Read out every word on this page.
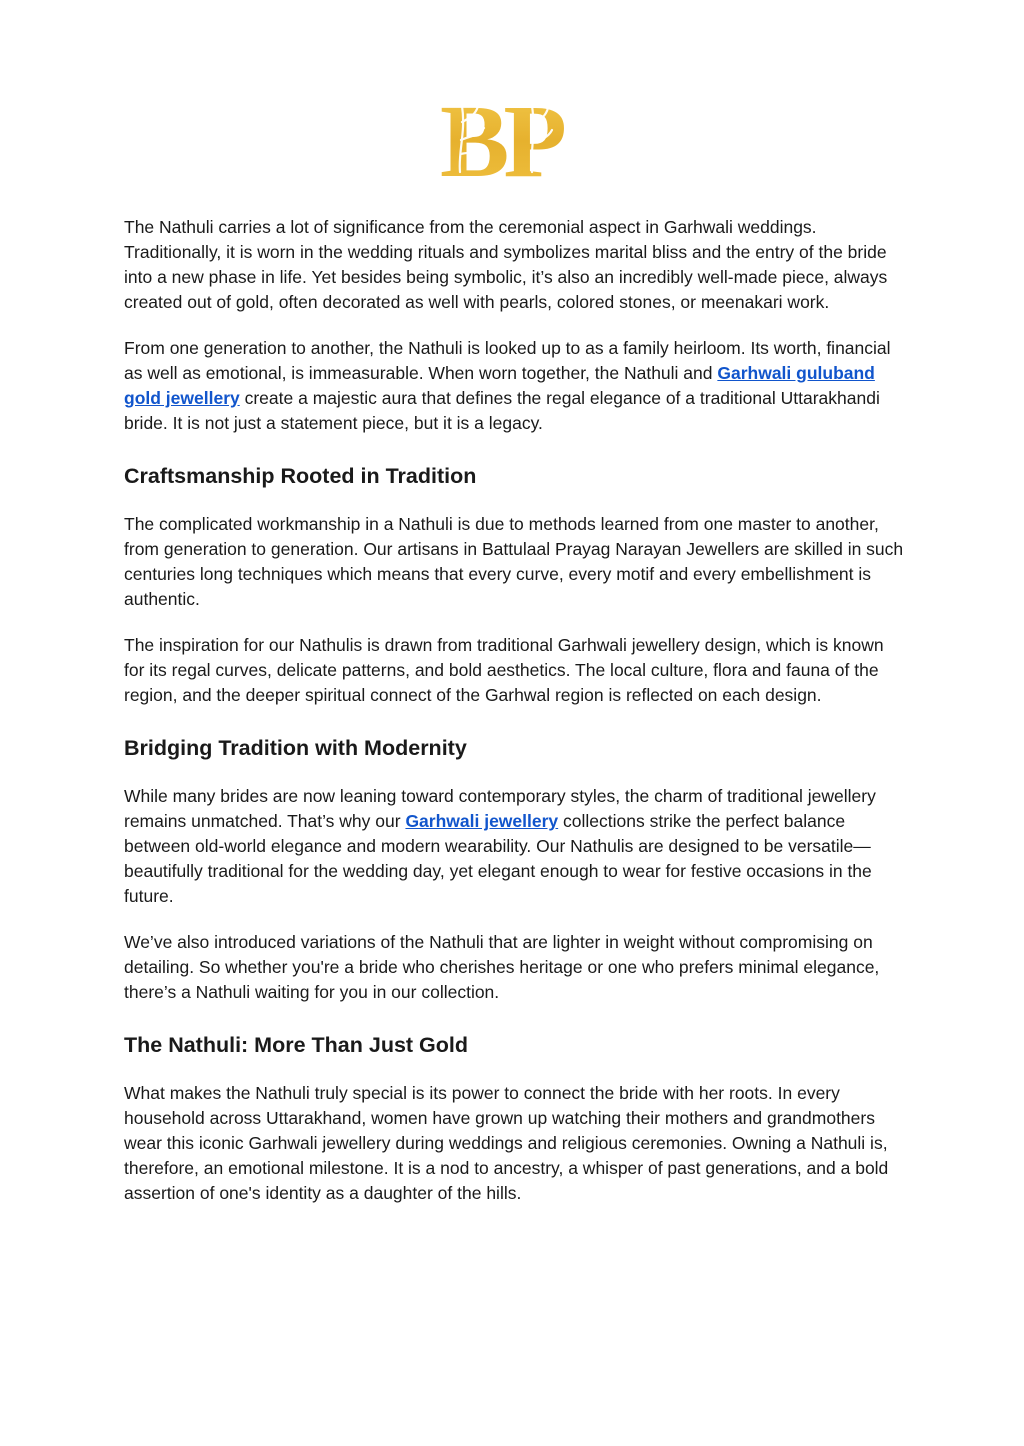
BP

The Nathuli carries a lot of significance from the ceremonial aspect in Garhwali weddings. Traditionally, it is worn in the wedding rituals and symbolizes marital bliss and the entry of the bride into a new phase in life. Yet besides being symbolic, it’s also an incredibly well-made piece, always created out of gold, often decorated as well with pearls, colored stones, or meenakari work.

From one generation to another, the Nathuli is looked up to as a family heirloom. Its worth, financial as well as emotional, is immeasurable. When worn together, the Nathuli and Garhwali guluband gold jewellery create a majestic aura that defines the regal elegance of a traditional Uttarakhandi bride. It is not just a statement piece, but it is a legacy.

Craftsmanship Rooted in Tradition

The complicated workmanship in a Nathuli is due to methods learned from one master to another, from generation to generation. Our artisans in Battulaal Prayag Narayan Jewellers are skilled in such centuries long techniques which means that every curve, every motif and every embellishment is authentic.

The inspiration for our Nathulis is drawn from traditional Garhwali jewellery design, which is known for its regal curves, delicate patterns, and bold aesthetics. The local culture, flora and fauna of the region, and the deeper spiritual connect of the Garhwal region is reflected on each design.

Bridging Tradition with Modernity

While many brides are now leaning toward contemporary styles, the charm of traditional jewellery remains unmatched. That’s why our Garhwali jewellery collections strike the perfect balance between old-world elegance and modern wearability. Our Nathulis are designed to be versatile—beautifully traditional for the wedding day, yet elegant enough to wear for festive occasions in the future.

We’ve also introduced variations of the Nathuli that are lighter in weight without compromising on detailing. So whether you're a bride who cherishes heritage or one who prefers minimal elegance, there’s a Nathuli waiting for you in our collection.

The Nathuli: More Than Just Gold

What makes the Nathuli truly special is its power to connect the bride with her roots. In every household across Uttarakhand, women have grown up watching their mothers and grandmothers wear this iconic Garhwali jewellery during weddings and religious ceremonies. Owning a Nathuli is, therefore, an emotional milestone. It is a nod to ancestry, a whisper of past generations, and a bold assertion of one's identity as a daughter of the hills.
